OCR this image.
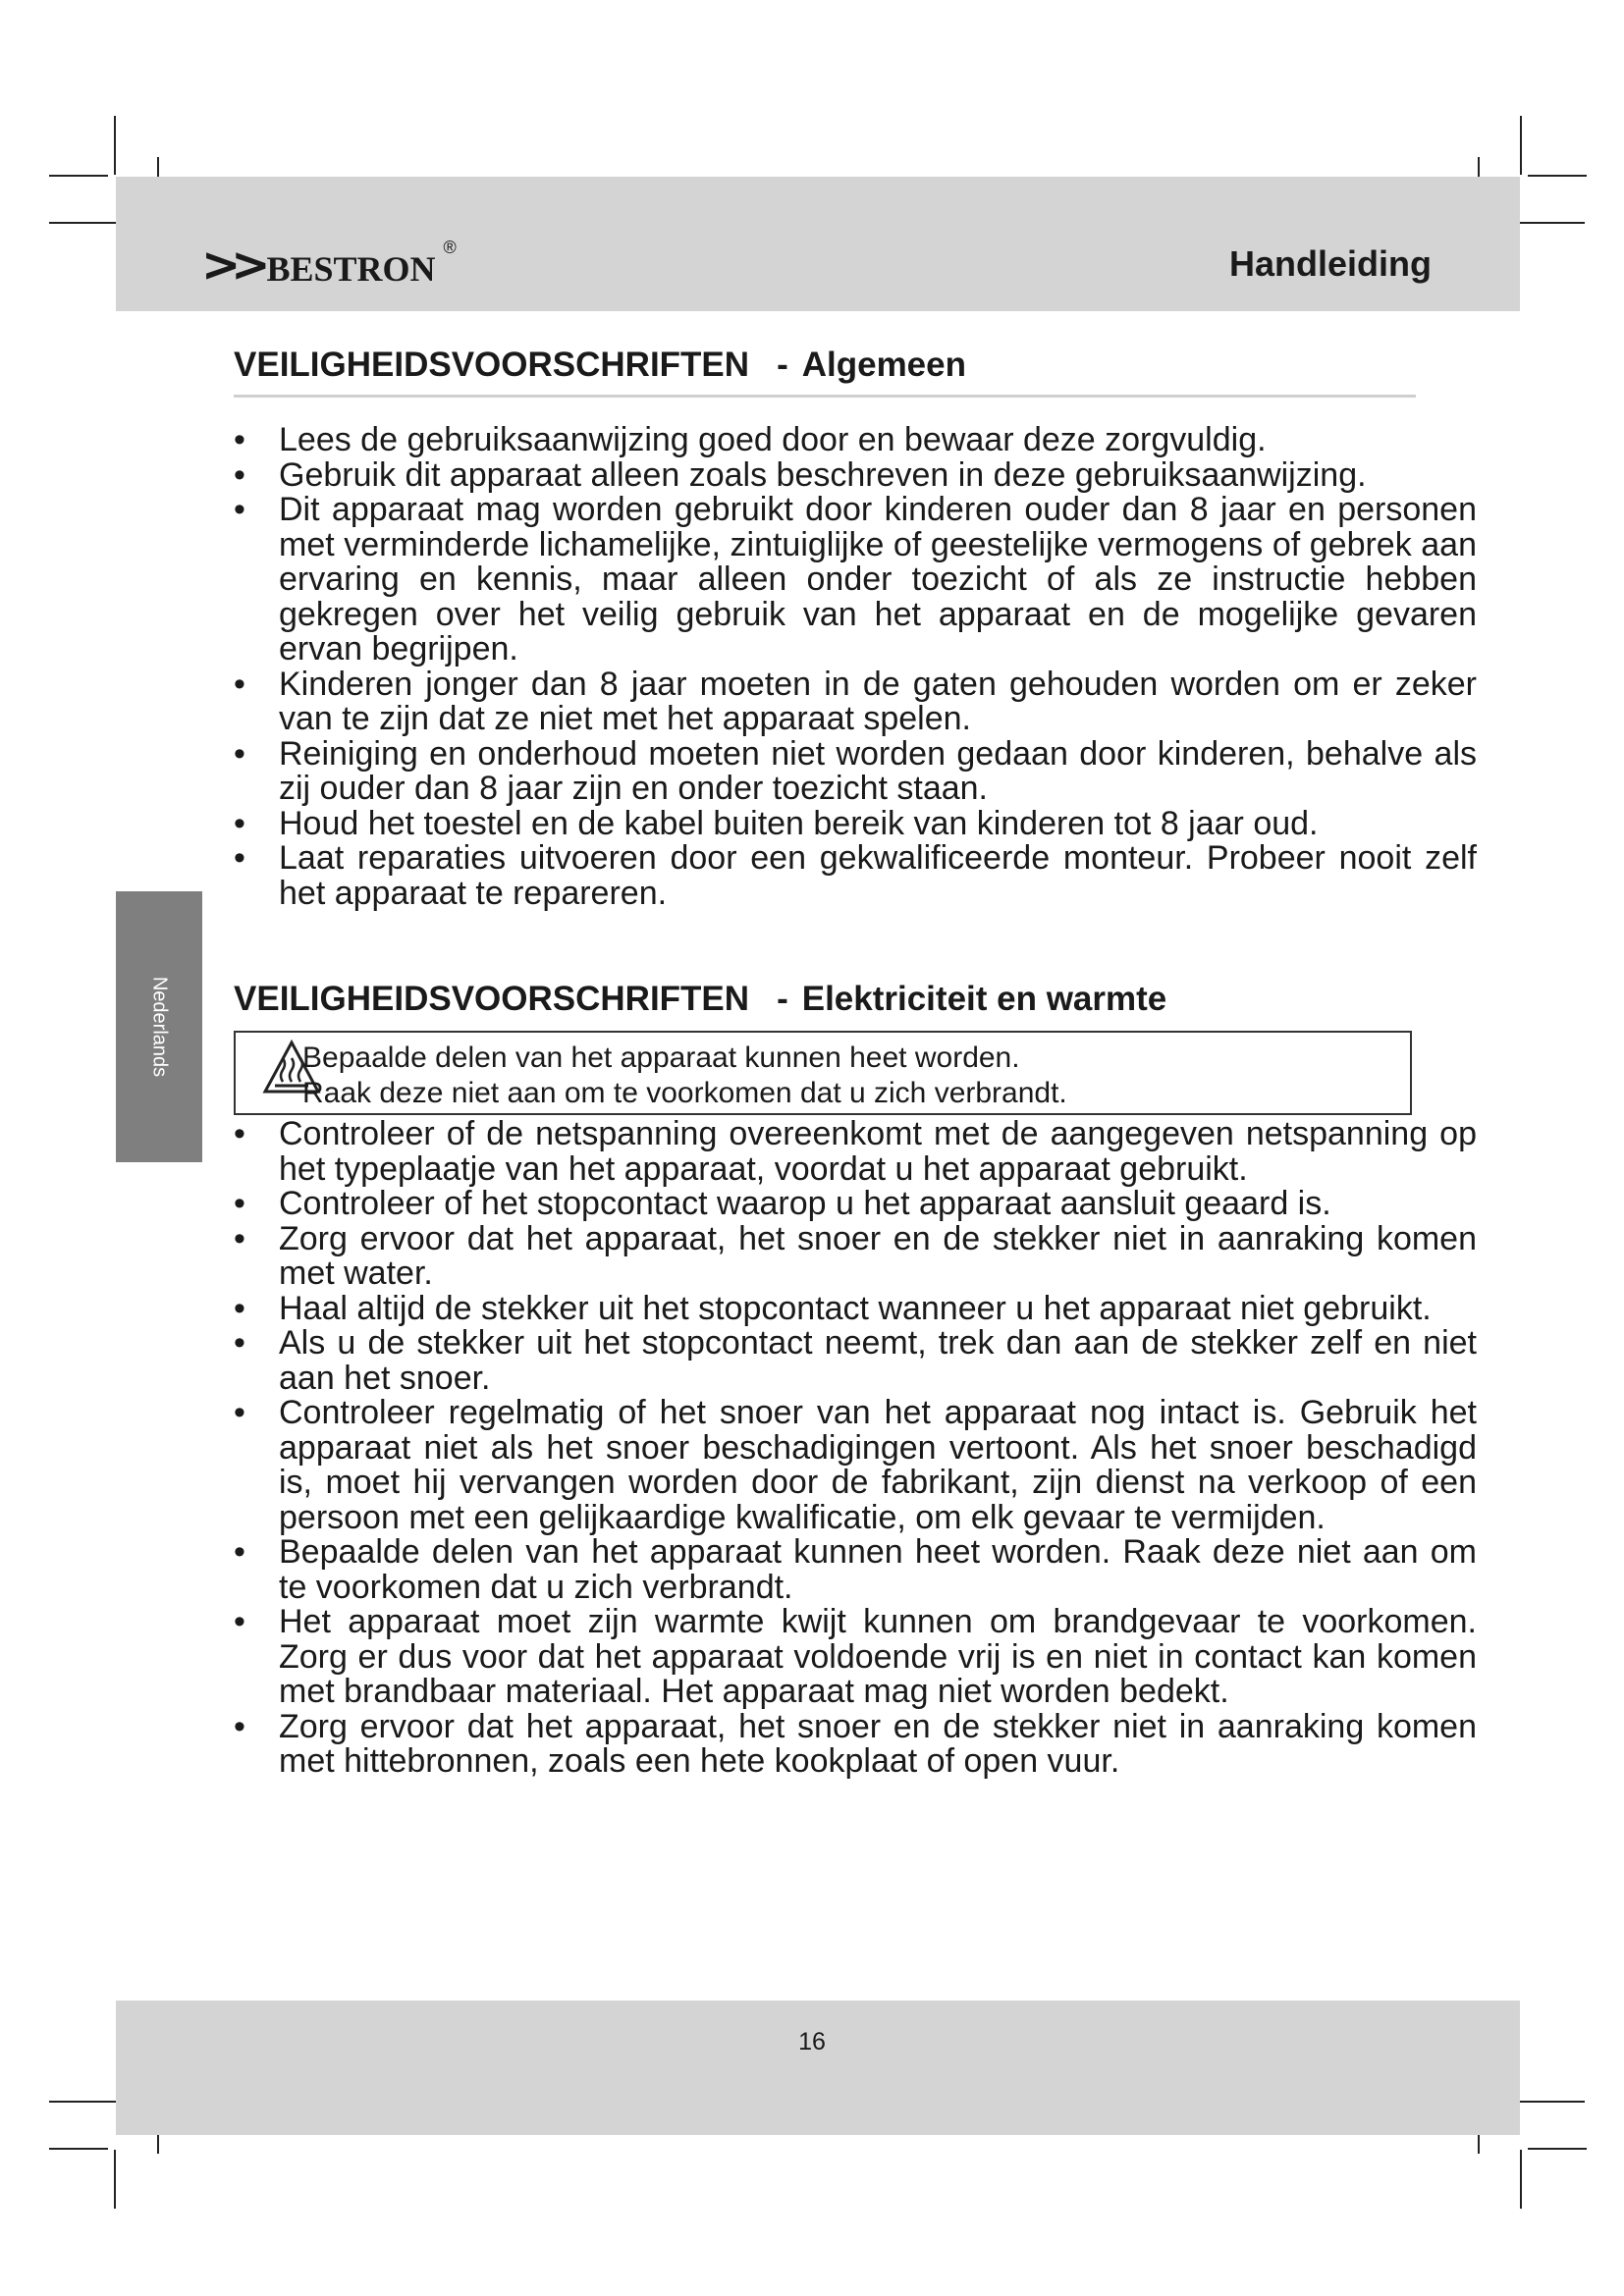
>> bestron ®	Handleiding
Nederlands
VEILIGHEIDSVOORSCHRIFTEN - Algemeen
• Lees de gebruiksaanwijzing goed door en bewaar deze zorgvuldig.
• Gebruik dit apparaat alleen zoals beschreven in deze gebruiksaanwijzing.
• Dit apparaat mag worden gebruikt door kinderen ouder dan 8 jaar en personen met verminderde lichamelijke, zintuiglijke of geestelijke vermogens of gebrek aan ervaring en kennis, maar alleen onder toezicht of als ze instructie hebben gekregen over het veilig gebruik van het apparaat en de mogelijke gevaren ervan begrijpen.
• Kinderen jonger dan 8 jaar moeten in de gaten gehouden worden om er zeker van te zijn dat ze niet met het apparaat spelen.
• Reiniging en onderhoud moeten niet worden gedaan door kinderen, behalve als zij ouder dan 8 jaar zijn en onder toezicht staan.
• Houd het toestel en de kabel buiten bereik van kinderen tot 8 jaar oud.
• Laat reparaties uitvoeren door een gekwalificeerde monteur. Probeer nooit zelf het apparaat te repareren.
VEILIGHEIDSVOORSCHRIFTEN - Elektriciteit en warmte
Bepaalde delen van het apparaat kunnen heet worden.
Raak deze niet aan om te voorkomen dat u zich verbrandt.
• Controleer of de netspanning overeenkomt met de aangegeven netspanning op het typeplaatje van het apparaat, voordat u het apparaat gebruikt.
• Controleer of het stopcontact waarop u het apparaat aansluit geaard is.
• Zorg ervoor dat het apparaat, het snoer en de stekker niet in aanraking komen met water.
• Haal altijd de stekker uit het stopcontact wanneer u het apparaat niet gebruikt.
• Als u de stekker uit het stopcontact neemt, trek dan aan de stekker zelf en niet aan het snoer.
• Controleer regelmatig of het snoer van het apparaat nog intact is. Gebruik het apparaat niet als het snoer beschadigingen vertoont. Als het snoer beschadigd is, moet hij vervangen worden door de fabrikant, zijn dienst na verkoop of een persoon met een gelijkaardige kwalificatie, om elk gevaar te vermijden.
• Bepaalde delen van het apparaat kunnen heet worden. Raak deze niet aan om te voorkomen dat u zich verbrandt.
• Het apparaat moet zijn warmte kwijt kunnen om brandgevaar te voorkomen. Zorg er dus voor dat het apparaat voldoende vrij is en niet in contact kan komen met brandbaar materiaal. Het apparaat mag niet worden bedekt.
• Zorg ervoor dat het apparaat, het snoer en de stekker niet in aanraking komen met hittebronnen, zoals een hete kookplaat of open vuur.
16
